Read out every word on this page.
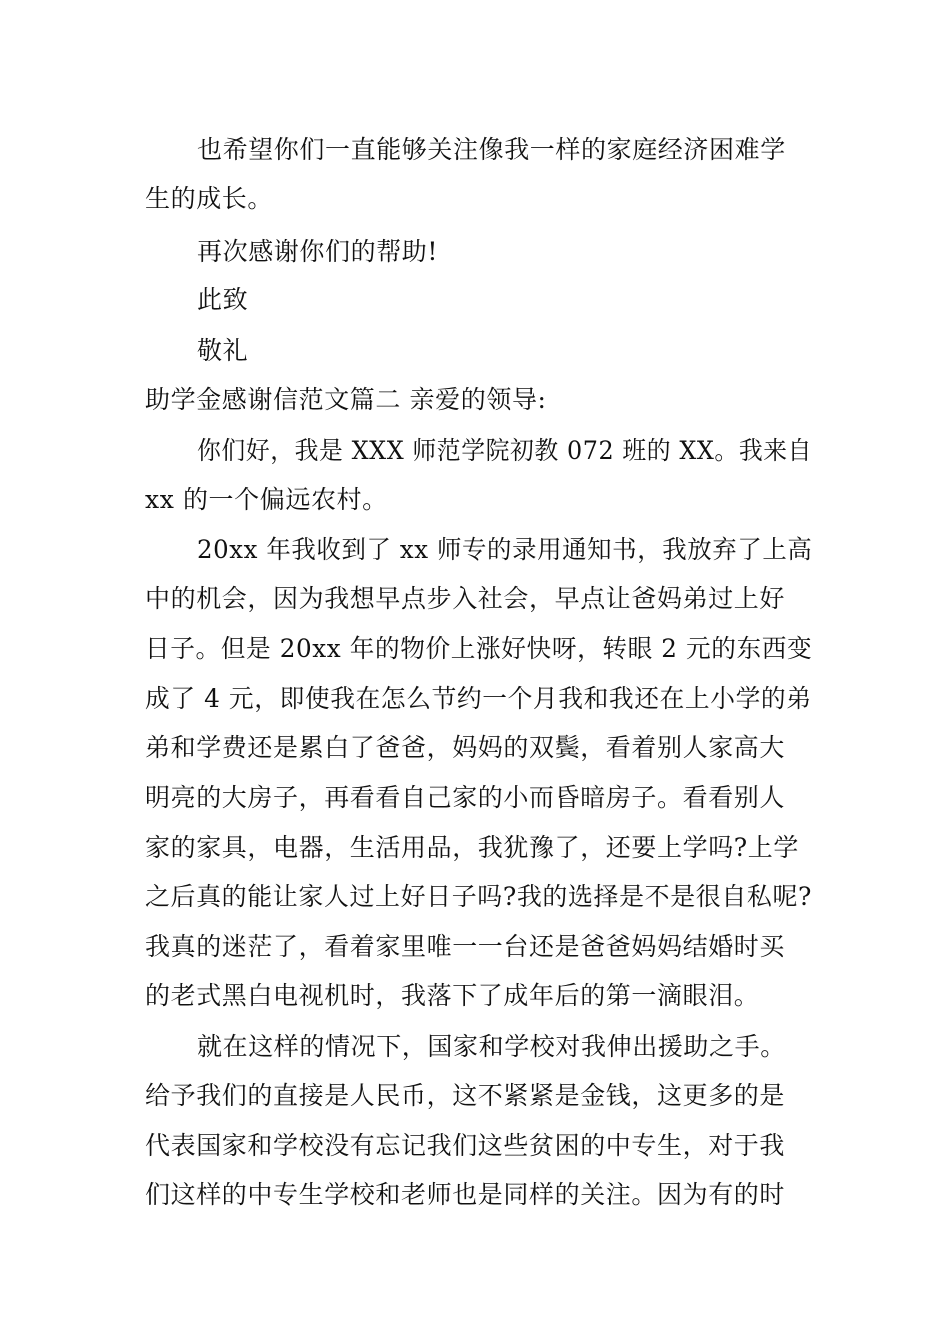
也希望你们一直能够关注像我一样的家庭经济困难学
生的成长。
再次感谢你们的帮助!
此致
敬礼
助学金感谢信范文篇二 亲爱的领导:
你们好，我是 XXX 师范学院初教 072 班的 XX。我来自
xx 的一个偏远农村。
20xx 年我收到了 xx 师专的录用通知书，我放弃了上高
中的机会，因为我想早点步入社会，早点让爸妈弟过上好
日子。但是 20xx 年的物价上涨好快呀，转眼 2 元的东西变
成了 4 元，即使我在怎么节约一个月我和我还在上小学的弟
弟和学费还是累白了爸爸，妈妈的双鬓，看着别人家高大
明亮的大房子，再看看自己家的小而昏暗房子。看看别人
家的家具，电器，生活用品，我犹豫了，还要上学吗?上学
之后真的能让家人过上好日子吗?我的选择是不是很自私呢?
我真的迷茫了，看着家里唯一一台还是爸爸妈妈结婚时买
的老式黑白电视机时，我落下了成年后的第一滴眼泪。
就在这样的情况下，国家和学校对我伸出援助之手。
给予我们的直接是人民币，这不紧紧是金钱，这更多的是
代表国家和学校没有忘记我们这些贫困的中专生，对于我
们这样的中专生学校和老师也是同样的关注。因为有的时
